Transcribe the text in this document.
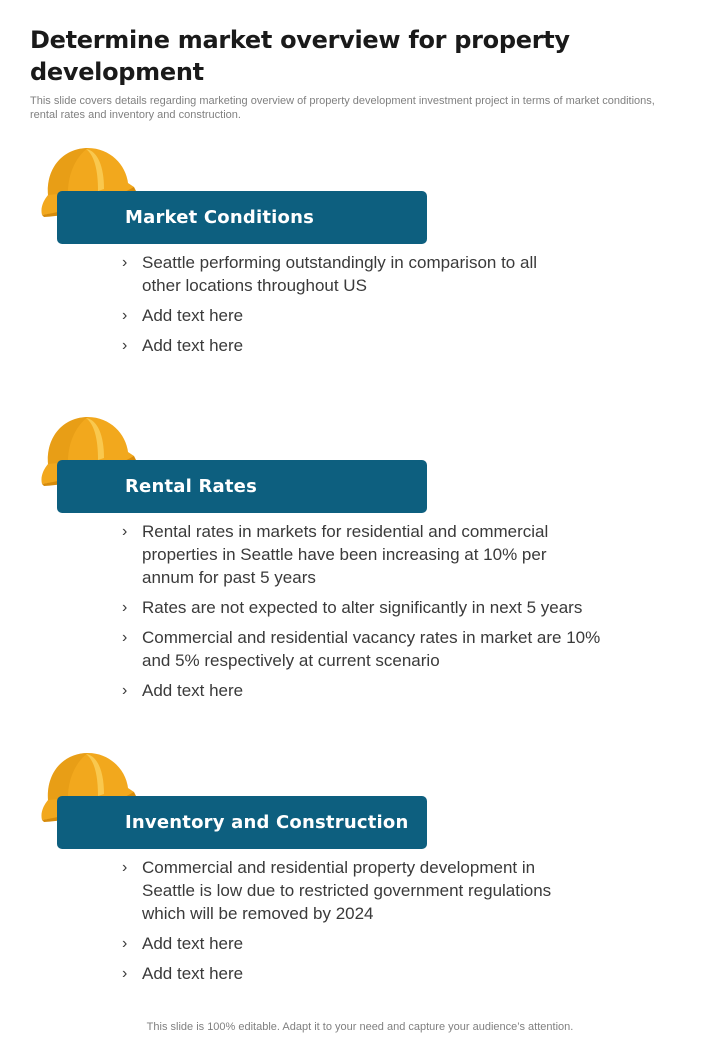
Determine market overview for property development

This slide covers details regarding marketing overview of property development investment project in terms of market conditions, rental rates and inventory and construction.

Market Conditions
› Seattle performing outstandingly in comparison to all other locations throughout US
› Add text here
› Add text here
Rental Rates
› Rental rates in markets for residential and commercial properties in Seattle have been increasing at 10% per annum for past 5 years
› Rates are not expected to alter significantly in next 5 years
› Commercial and residential vacancy rates in market are 10% and 5% respectively at current scenario
› Add text here
Inventory and Construction
› Commercial and residential property development in Seattle is low due to restricted government regulations which will be removed by 2024
› Add text here
› Add text here
This slide is 100% editable. Adapt it to your need and capture your audience’s attention.
